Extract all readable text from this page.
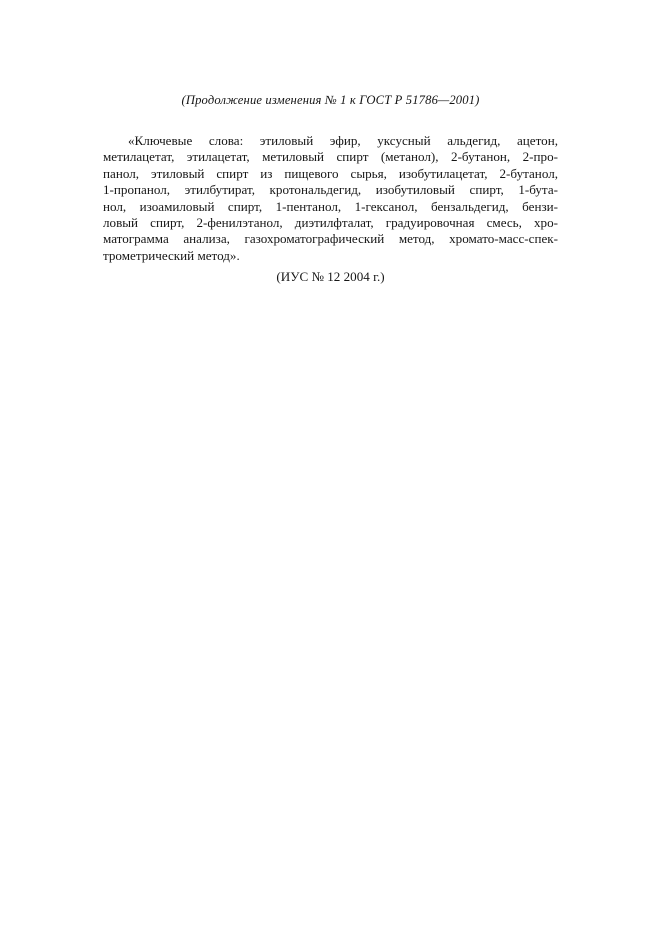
(Продолжение изменения № 1 к ГОСТ Р 51786—2001)
«Ключевые слова: этиловый эфир, уксусный альдегид, ацетон,
метилацетат, этилацетат, метиловый спирт (метанол), 2-бутанон, 2-про-
панол, этиловый спирт из пищевого сырья, изобутилацетат, 2-бутанол,
1-пропанол, этилбутират, кротональдегид, изобутиловый спирт, 1-бута-
нол, изоамиловый спирт, 1-пентанол, 1-гексанол, бензальдегид, бензи-
ловый спирт, 2-фенилэтанол, диэтилфталат, градуировочная смесь, хро-
матограмма анализа, газохроматографический метод, хромато-масс-спек-
трометрический метод».
(ИУС № 12 2004 г.)
